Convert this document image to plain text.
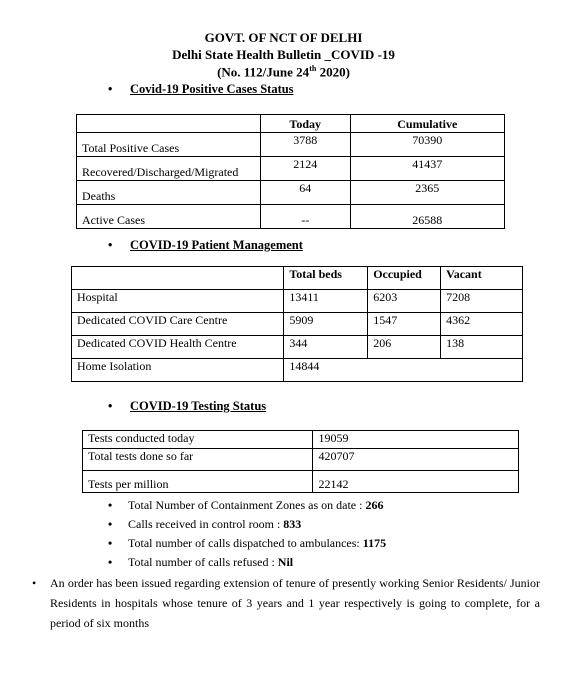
GOVT. OF NCT OF DELHI
Delhi State Health Bulletin _COVID -19
(No. 112/June 24th 2020)
• Covid-19 Positive Cases Status
	Today	Cumulative
Total Positive Cases	3788	70390
Recovered/Discharged/Migrated	2124	41437
Deaths	64	2365
Active Cases	--	26588
• COVID-19 Patient Management
	Total beds	Occupied	Vacant
Hospital	13411	6203	7208
Dedicated COVID Care Centre	5909	1547	4362
Dedicated COVID Health Centre	344	206	138
Home Isolation	14844		
• COVID-19 Testing Status
Tests conducted today	19059
Total tests done so far	420707
Tests per million	22142
• Total Number of Containment Zones as on date : 266
• Calls received in control room : 833
• Total number of calls dispatched to ambulances: 1175
• Total number of calls refused : Nil
• An order has been issued regarding extension of tenure of presently working Senior Residents/ Junior Residents in hospitals whose tenure of 3 years and 1 year respectively is going to complete, for a period of six months
